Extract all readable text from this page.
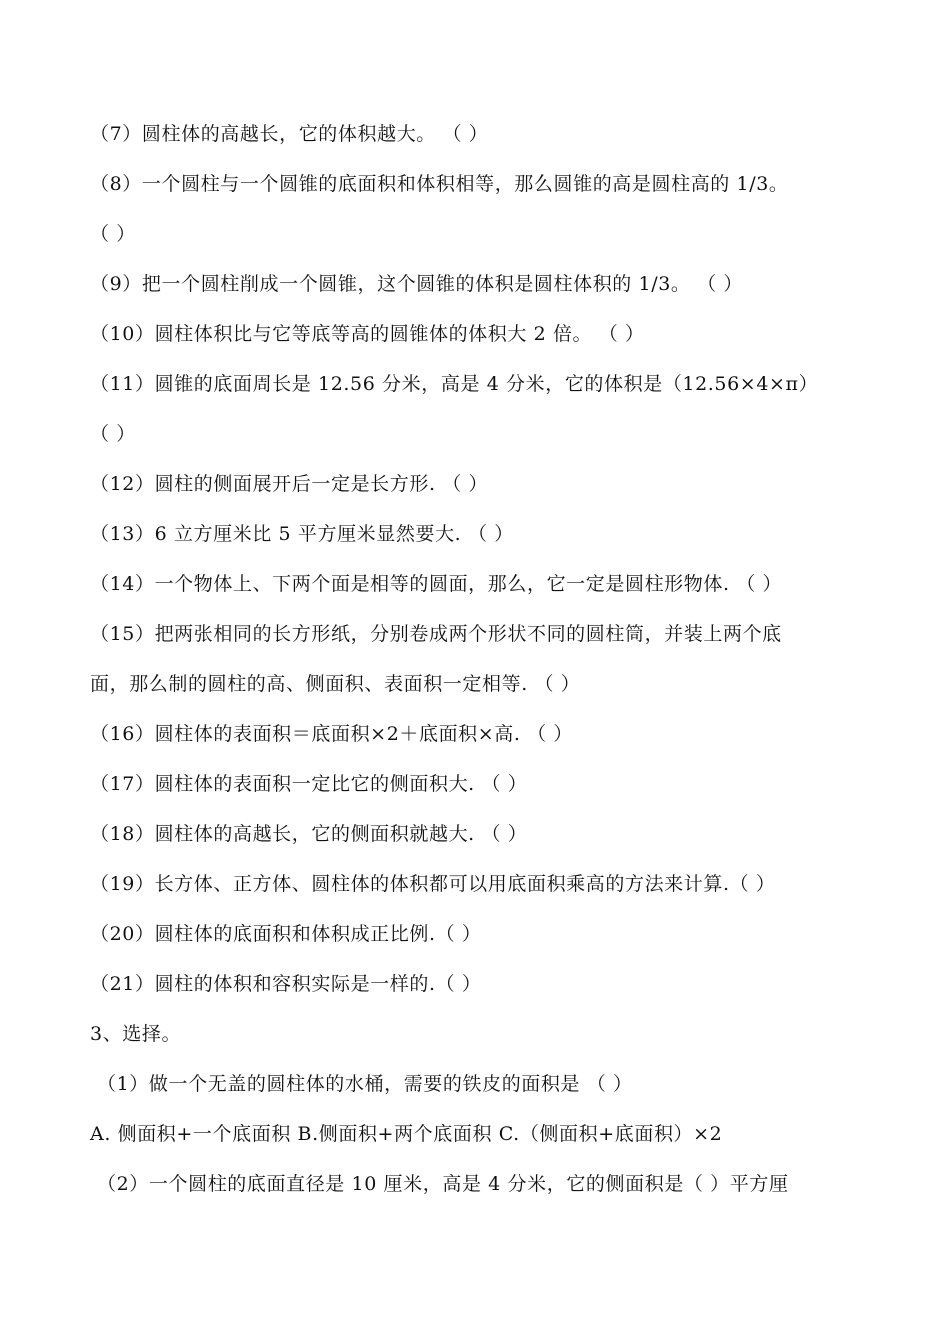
（7）圆柱体的高越长，它的体积越大。 （ ）
（8）一个圆柱与一个圆锥的底面积和体积相等，那么圆锥的高是圆柱高的 1/3。
（ ）
（9）把一个圆柱削成一个圆锥，这个圆锥的体积是圆柱体积的 1/3。 （ ）
（10）圆柱体积比与它等底等高的圆锥体的体积大 2 倍。 （ ）
（11）圆锥的底面周长是 12.56 分米，高是 4 分米，它的体积是（12.56×4×π）
（ ）
（12）圆柱的侧面展开后一定是长方形. （ ）
（13）6 立方厘米比 5 平方厘米显然要大. （ ）
（14）一个物体上、下两个面是相等的圆面，那么，它一定是圆柱形物体. （ ）
（15）把两张相同的长方形纸，分别卷成两个形状不同的圆柱筒，并装上两个底
面，那么制的圆柱的高、侧面积、表面积一定相等. （ ）
（16）圆柱体的表面积＝底面积×2＋底面积×高. （ ）
（17）圆柱体的表面积一定比它的侧面积大. （ ）
（18）圆柱体的高越长，它的侧面积就越大. （ ）
（19）长方体、正方体、圆柱体的体积都可以用底面积乘高的方法来计算.（ ）
（20）圆柱体的底面积和体积成正比例.（ ）
（21）圆柱的体积和容积实际是一样的.（ ）
3、选择。
（1）做一个无盖的圆柱体的水桶，需要的铁皮的面积是 （ ）
A. 侧面积+一个底面积 B.侧面积+两个底面积 C.（侧面积+底面积）×2
（2）一个圆柱的底面直径是 10 厘米，高是 4 分米，它的侧面积是（ ）平方厘
